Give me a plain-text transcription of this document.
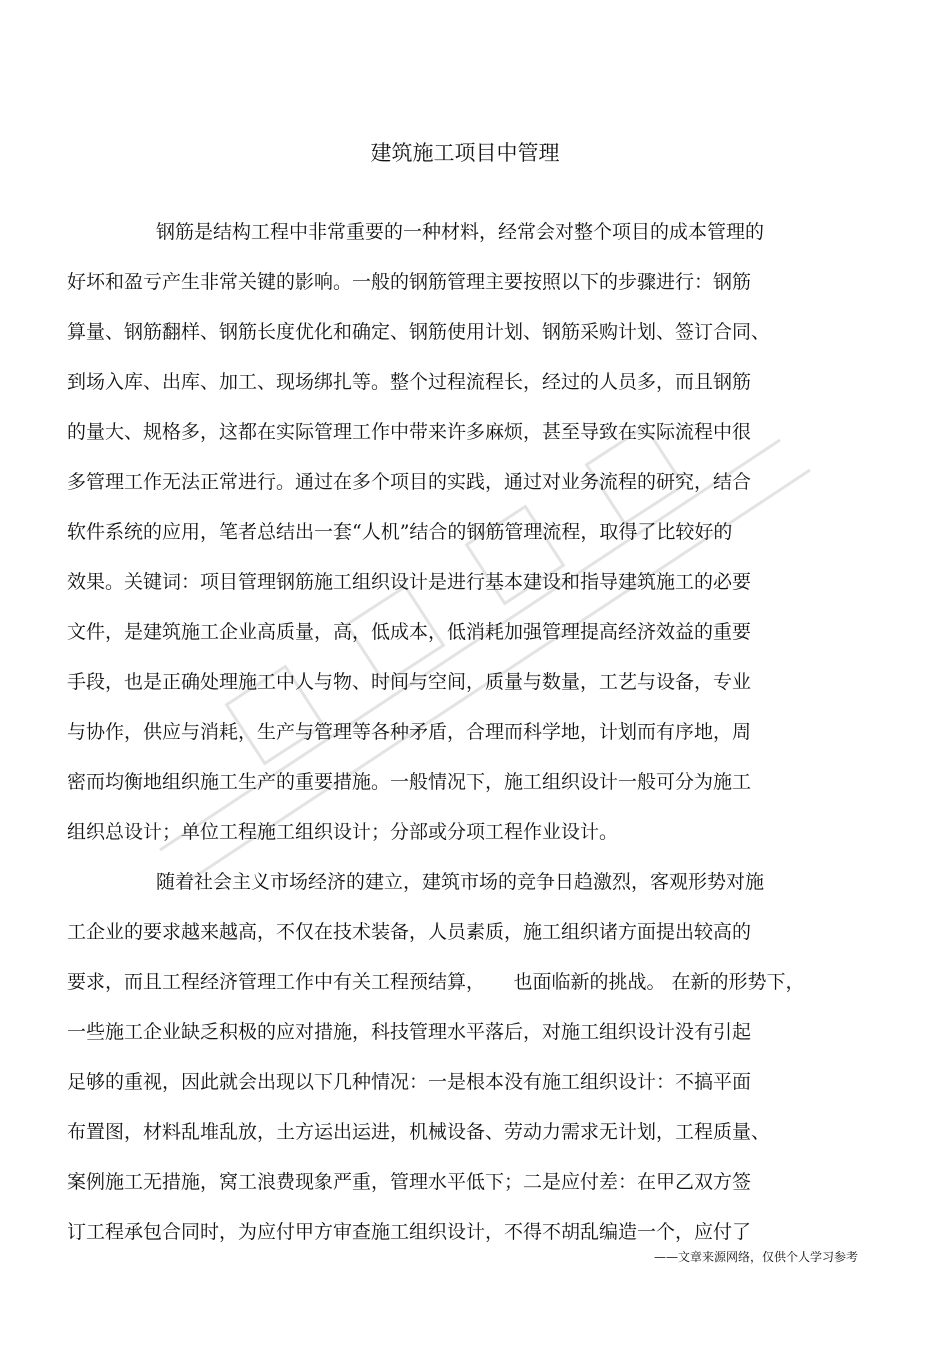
建筑施工项目中管理
钢筋是结构工程中非常重要的一种材料，经常会对整个项目的成本管理的
好坏和盈亏产生非常关键的影响。一般的钢筋管理主要按照以下的步骤进行：钢筋
算量、钢筋翻样、钢筋长度优化和确定、钢筋使用计划、钢筋采购计划、签订合同、
到场入库、出库、加工、现场绑扎等。整个过程流程长，经过的人员多，而且钢筋
的量大、规格多，这都在实际管理工作中带来许多麻烦，甚至导致在实际流程中很
多管理工作无法正常进行。通过在多个项目的实践，通过对业务流程的研究，结合
软件系统的应用，笔者总结出一套“人机”结合的钢筋管理流程，取得了比较好的
效果。关键词：项目管理钢筋施工组织设计是进行基本建设和指导建筑施工的必要
文件，是建筑施工企业高质量，高，低成本，低消耗加强管理提高经济效益的重要
手段，也是正确处理施工中人与物、时间与空间，质量与数量，工艺与设备，专业
与协作，供应与消耗，生产与管理等各种矛盾，合理而科学地，计划而有序地，周
密而均衡地组织施工生产的重要措施。一般情况下，施工组织设计一般可分为施工
组织总设计；单位工程施工组织设计；分部或分项工程作业设计。
随着社会主义市场经济的建立，建筑市场的竞争日趋激烈，客观形势对施
工企业的要求越来越高，不仅在技术装备，人员素质，施工组织诸方面提出较高的
要求，而且工程经济管理工作中有关工程预结算，　　也面临新的挑战。 在新的形势下，
一些施工企业缺乏积极的应对措施，科技管理水平落后，对施工组织设计没有引起
足够的重视，因此就会出现以下几种情况：一是根本没有施工组织设计：不搞平面
布置图，材料乱堆乱放，土方运出运进，机械设备、劳动力需求无计划，工程质量、
案例施工无措施，窝工浪费现象严重，管理水平低下；二是应付差：在甲乙双方签
订工程承包合同时，为应付甲方审查施工组织设计，不得不胡乱编造一个，应付了
——文章来源网络，仅供个人学习参考
